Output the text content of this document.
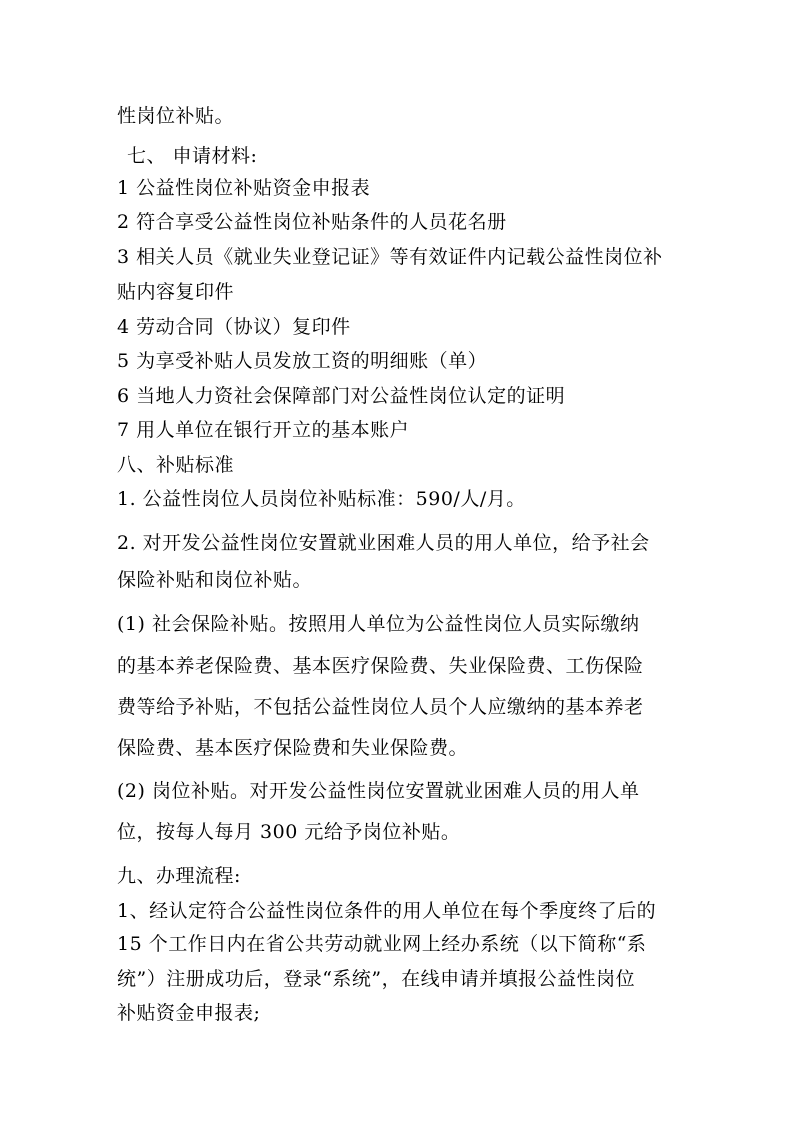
性岗位补贴。
七、 申请材料:
1 公益性岗位补贴资金申报表
2 符合享受公益性岗位补贴条件的人员花名册
3 相关人员《就业失业登记证》等有效证件内记载公益性岗位补
贴内容复印件
4 劳动合同（协议）复印件
5 为享受补贴人员发放工资的明细账（单）
6 当地人力资社会保障部门对公益性岗位认定的证明
7 用人单位在银行开立的基本账户
八、补贴标准
1. 公益性岗位人员岗位补贴标准：590/人/月。
2. 对开发公益性岗位安置就业困难人员的用人单位，给予社会
保险补贴和岗位补贴。
(1) 社会保险补贴。按照用人单位为公益性岗位人员实际缴纳
的基本养老保险费、基本医疗保险费、失业保险费、工伤保险
费等给予补贴，不包括公益性岗位人员个人应缴纳的基本养老
保险费、基本医疗保险费和失业保险费。
(2) 岗位补贴。对开发公益性岗位安置就业困难人员的用人单
位，按每人每月 300 元给予岗位补贴。
九、办理流程:
1、经认定符合公益性岗位条件的用人单位在每个季度终了后的
15 个工作日内在省公共劳动就业网上经办系统（以下简称“系
统”）注册成功后，登录“系统”，在线申请并填报公益性岗位
补贴资金申报表;
